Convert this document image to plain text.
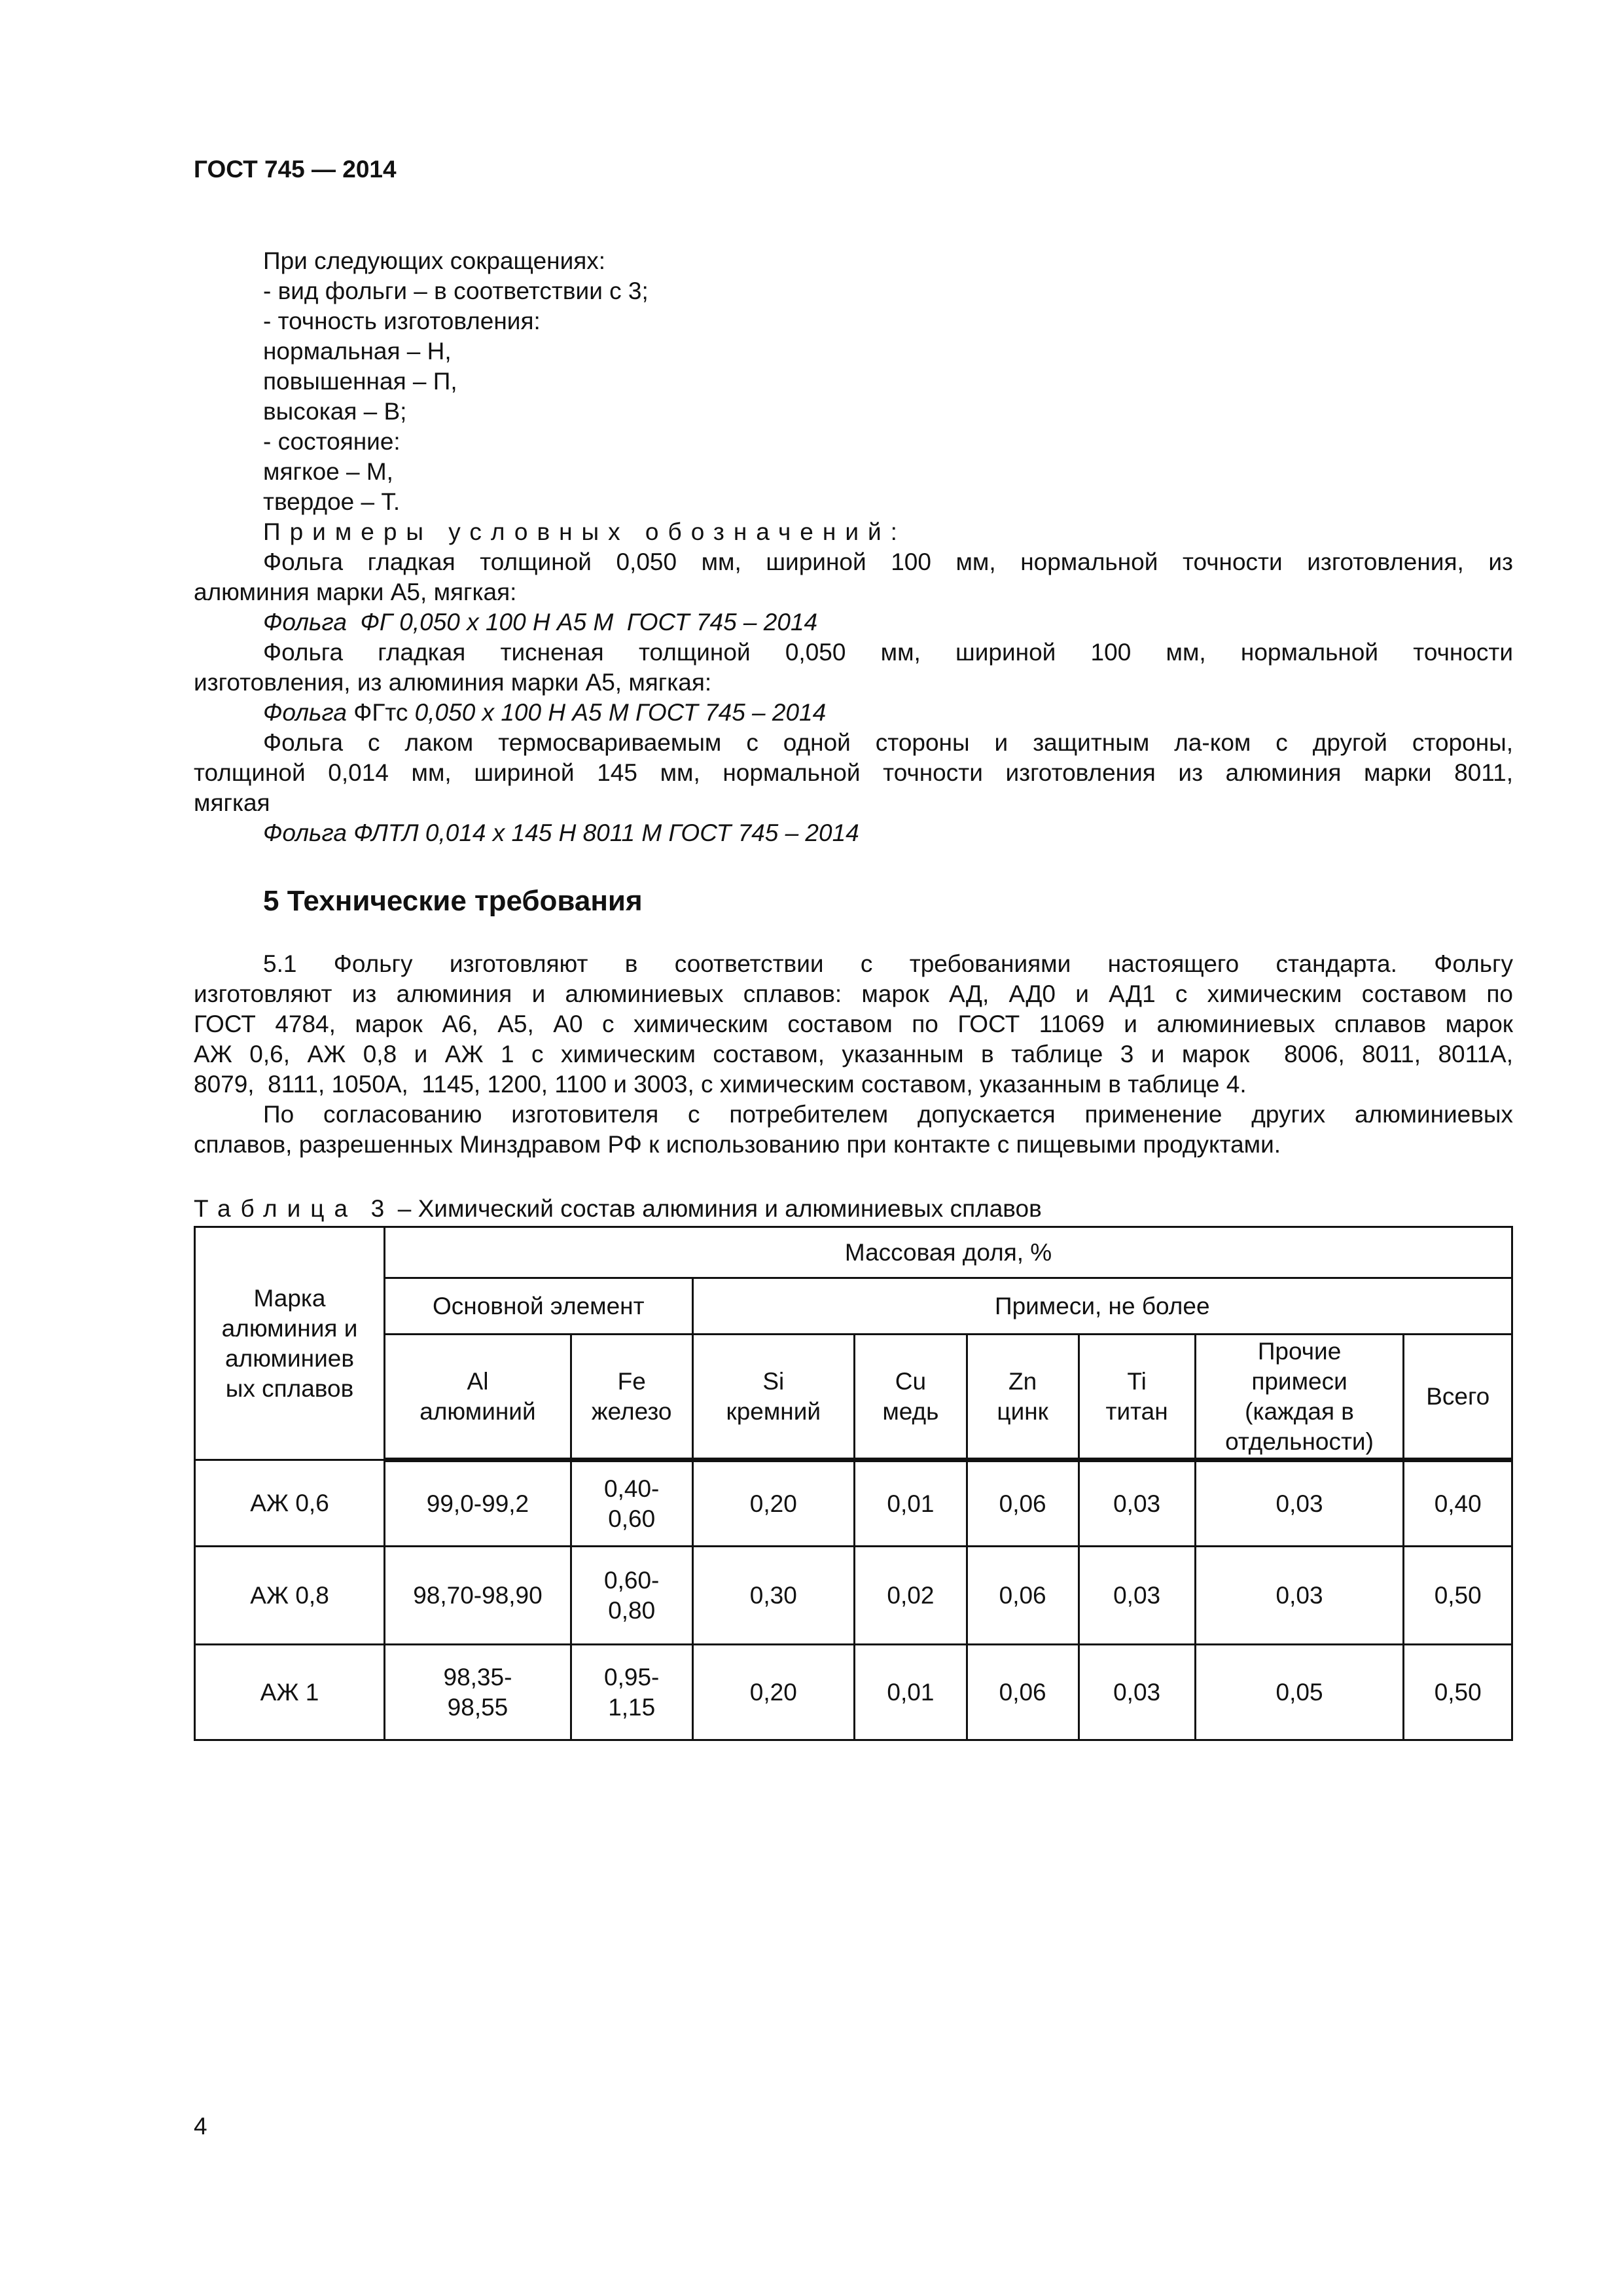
ГОСТ 745 — 2014
При следующих сокращениях:
- вид фольги – в соответствии с 3;
- точность изготовления:
нормальная – Н,
повышенная – П,
высокая – В;
- состояние:
мягкое – М,
твердое – Т.
Примеры условных обозначений:
Фольга гладкая толщиной 0,050 мм, шириной 100 мм, нормальной точности изготовления, из
алюминия марки А5, мягкая:
Фольга  ФГ 0,050 х 100 Н А5 М  ГОСТ 745 – 2014
Фольга гладкая тисненая толщиной 0,050 мм, шириной 100 мм, нормальной точности
изготовления, из алюминия марки А5, мягкая:
Фольга ФГтс 0,050 х 100 Н А5 М ГОСТ 745 – 2014
Фольга с лаком термосвариваемым с одной стороны и защитным ла-ком с другой стороны,
толщиной 0,014 мм, шириной 145 мм, нормальной точности изготовления из алюминия марки 8011,
мягкая
Фольга ФЛТЛ 0,014 х 145 Н 8011 М ГОСТ 745 – 2014
5 Технические требования
5.1 Фольгу изготовляют в соответствии с требованиями настоящего стандарта. Фольгу
изготовляют из алюминия и алюминиевых сплавов: марок АД, АД0 и АД1 с химическим составом по
ГОСТ 4784, марок А6, А5, А0 с химическим составом по ГОСТ 11069 и алюминиевых сплавов марок
АЖ 0,6, АЖ 0,8 и АЖ 1 с химическим составом, указанным в таблице 3 и марок  8006, 8011, 8011А,
8079,  8111, 1050А,  1145, 1200, 1100 и 3003, с химическим составом, указанным в таблице 4.
По согласованию изготовителя с потребителем допускается применение других алюминиевых
сплавов, разрешенных Минздравом РФ к использованию при контакте с пищевыми продуктами.
Таблица  3  – Химический состав алюминия и алюминиевых сплавов
Марка алюминия и алюминиев ых сплавов	Массовая доля, %							
	Основной элемент		Примеси, не более					
	Al алюминий	Fe железо	Si кремний	Cu медь	Zn цинк	Ti титан	Прочие примеси (каждая в отдельности)	Всего
АЖ 0,6	99,0-99,2	0,40-0,60	0,20	0,01	0,06	0,03	0,03	0,40
АЖ 0,8	98,70-98,90	0,60-0,80	0,30	0,02	0,06	0,03	0,03	0,50
АЖ 1	98,35-98,55	0,95-1,15	0,20	0,01	0,06	0,03	0,05	0,50
4
